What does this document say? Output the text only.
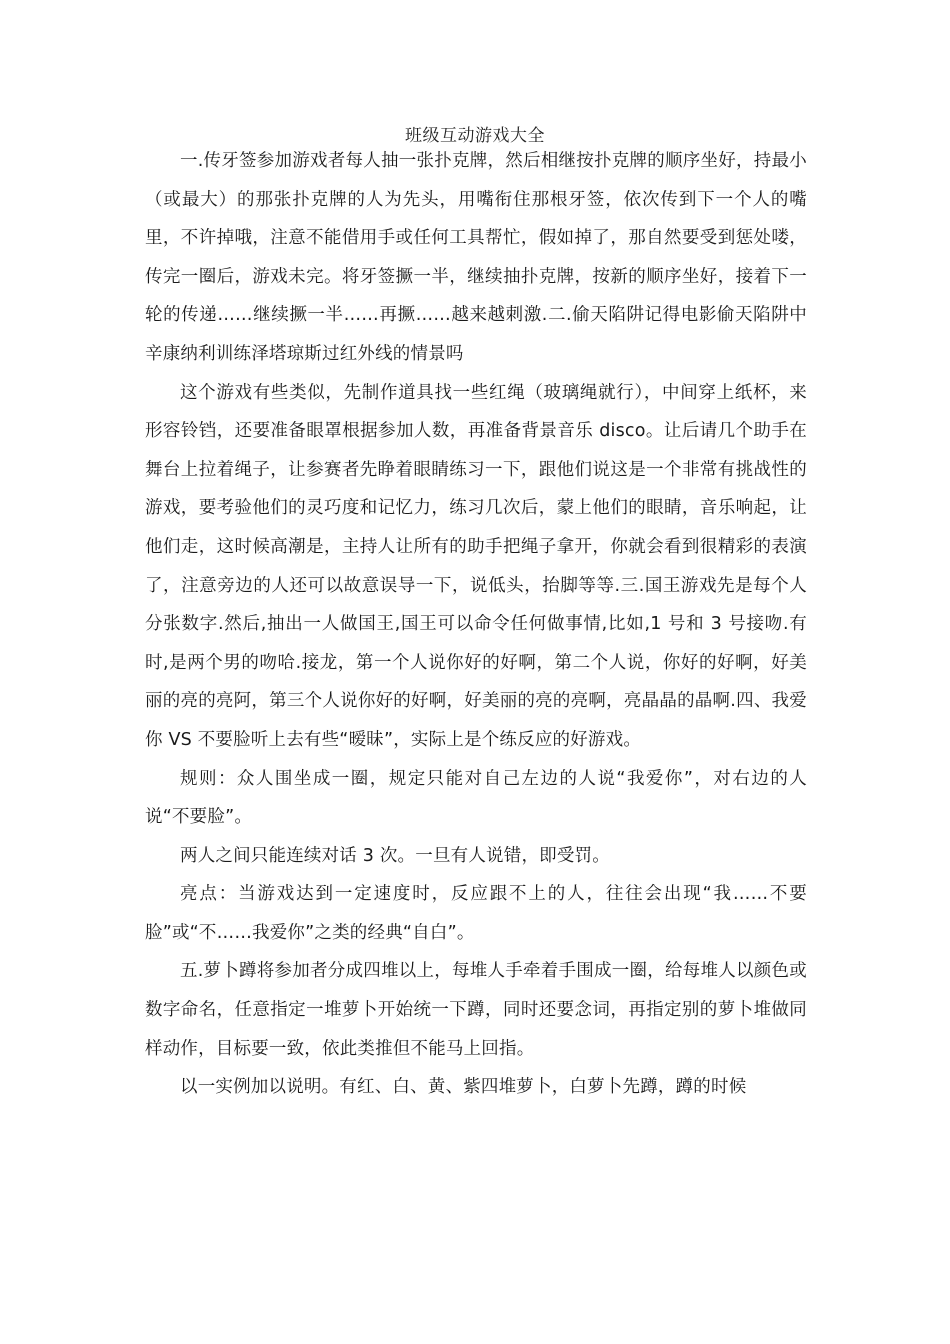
班级互动游戏大全

一.传牙签参加游戏者每人抽一张扑克牌，然后相继按扑克牌的顺序坐好，持最小（或最大）的那张扑克牌的人为先头，用嘴衔住那根牙签，依次传到下一个人的嘴里，不许掉哦，注意不能借用手或任何工具帮忙，假如掉了，那自然要受到惩处喽，传完一圈后，游戏未完。将牙签撅一半，继续抽扑克牌，按新的顺序坐好，接着下一轮的传递……继续撅一半……再撅……越来越刺激.二.偷天陷阱记得电影偷天陷阱中辛康纳利训练泽塔琼斯过红外线的情景吗

这个游戏有些类似，先制作道具找一些红绳（玻璃绳就行），中间穿上纸杯，来形容铃铛，还要准备眼罩根据参加人数，再准备背景音乐 disco。让后请几个助手在舞台上拉着绳子，让参赛者先睁着眼睛练习一下，跟他们说这是一个非常有挑战性的游戏，要考验他们的灵巧度和记忆力，练习几次后，蒙上他们的眼睛，音乐响起，让他们走，这时候高潮是，主持人让所有的助手把绳子拿开，你就会看到很精彩的表演了，注意旁边的人还可以故意误导一下，说低头，抬脚等等.三.国王游戏先是每个人分张数字.然后,抽出一人做国王,国王可以命令任何做事情,比如,1 号和 3 号接吻.有时,是两个男的吻哈.接龙，第一个人说你好的好啊，第二个人说，你好的好啊，好美丽的亮的亮阿，第三个人说你好的好啊，好美丽的亮的亮啊，亮晶晶的晶啊.四、我爱你 VS 不要脸听上去有些“暧昧”，实际上是个练反应的好游戏。

规则：众人围坐成一圈，规定只能对自己左边的人说“我爱你”，对右边的人说“不要脸”。

两人之间只能连续对话 3 次。一旦有人说错，即受罚。

亮点：当游戏达到一定速度时，反应跟不上的人，往往会出现“我……不要脸”或“不……我爱你”之类的经典“自白”。

五.萝卜蹲将参加者分成四堆以上，每堆人手牵着手围成一圈，给每堆人以颜色或数字命名，任意指定一堆萝卜开始统一下蹲，同时还要念词，再指定别的萝卜堆做同样动作，目标要一致，依此类推但不能马上回指。

以一实例加以说明。有红、白、黄、紫四堆萝卜，白萝卜先蹲，蹲的时候
